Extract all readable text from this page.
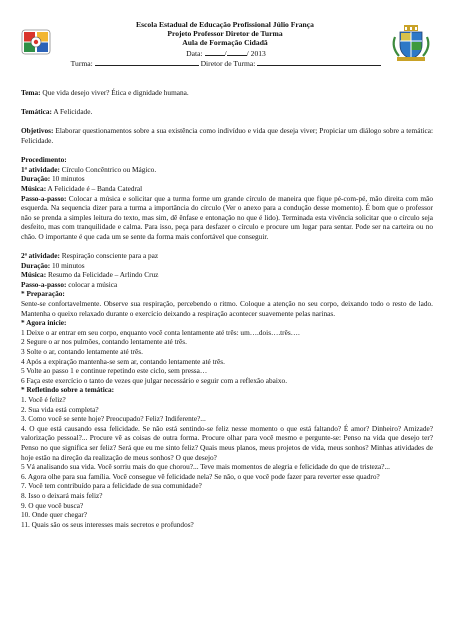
Escola Estadual de Educação Profissional Júlio França
Projeto Professor Diretor de Turma
Aula de Formação Cidadã
Data:	/	/ 2013
Turma:	Diretor de Turma:

Tema: Que vida desejo viver? Ética e dignidade humana.

Temática: A Felicidade.

Objetivos: Elaborar questionamentos sobre a sua existência como indivíduo e vida que deseja viver; Propiciar um diálogo sobre a temática: Felicidade.

Procedimento:

1ª atividade: Círculo Concêntrico ou Mágico.

Duração: 10 minutos

Música: A Felicidade é – Banda Catedral

Passo-a-passo: Colocar a música e solicitar que a turma forme um grande círculo de maneira que fique pé-com-pé, mão direita com mão esquerda. Na sequencia dizer para a turma a importância do círculo (Ver o anexo para a condução desse momento). É bom que o professor não se prenda a simples leitura do texto, mas sim, dê ênfase e entonação no que é lido). Terminada esta vivência solicitar que o círculo seja desfeito, mas com tranquilidade e calma. Para isso, peça para desfazer o círculo e procure um lugar para sentar. Pode ser na carteira ou no chão. O importante é que cada um se sente da forma mais confortável que conseguir.

2ª atividade: Respiração consciente para a paz

Duração: 10 minutos

Música: Resumo da Felicidade – Arlindo Cruz

Passo-a-passo: colocar a música

* Preparação:

Sente-se confortavelmente. Observe sua respiração, percebendo o ritmo. Coloque a atenção no seu corpo, deixando todo o resto de lado. Mantenha o queixo relaxado durante o exercício deixando a respiração acontecer suavemente pelas narinas.

* Agora inicie:

1 Deixe o ar entrar em seu corpo, enquanto você conta lentamente até três: um….dois….três….

2 Segure o ar nos pulmões, contando lentamente até três.

3 Solte o ar, contando lentamente até três.

4 Após a expiração mantenha-se sem ar, contando lentamente até três.

5 Volte ao passo 1 e continue repetindo este ciclo, sem pressa…

6 Faça este exercício o tanto de vezes que julgar necessário e seguir com a reflexão abaixo.

* Refletindo sobre a temática:

1. Você é feliz?

2. Sua vida está completa?

3. Como você se sente hoje? Preocupado? Feliz? Indiferente?...

4. O que está causando essa felicidade. Se não está sentindo-se feliz nesse momento o que está faltando? É amor? Dinheiro? Amizade? valorização pessoal?... Procure vê as coisas de outra forma. Procure olhar para você mesmo e pergunte-se: Penso na vida que desejo ter? Penso no que significa ser feliz? Será que eu me sinto feliz? Quais meus planos, meus projetos de vida, meus sonhos? Minhas atividades de hoje estão na direção da realização de meus sonhos? O que desejo?

5 Vá analisando sua vida. Você sorriu mais do que chorou?... Teve mais momentos de alegria e felicidade do que de tristeza?...

6. Agora olhe para sua família. Você consegue vê felicidade nela? Se não, o que você pode fazer para reverter esse quadro?

7. Você tem contribuído para a felicidade de sua comunidade?

8. Isso o deixará mais feliz?

9. O que você busca?

10. Onde quer chegar?

11. Quais são os seus interesses mais secretos e profundos?
